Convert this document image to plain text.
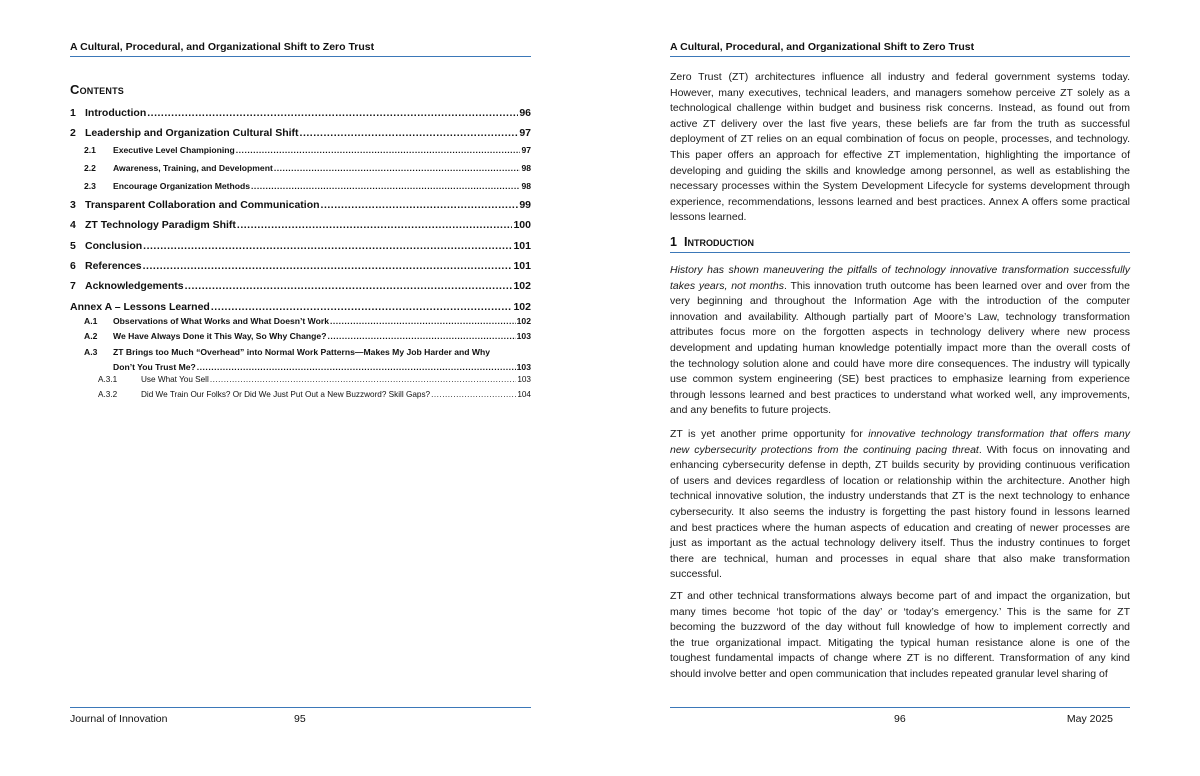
A Cultural, Procedural, and Organizational Shift to Zero Trust
Contents
1 Introduction .....	96
2 Leadership and Organization Cultural Shift .....	97
2.1	Executive Level Championing .....	97
2.2	Awareness, Training, and Development .....	98
2.3	Encourage Organization Methods .....	98
3 Transparent Collaboration and Communication .....	99
4 ZT Technology Paradigm Shift .....	100
5 Conclusion .....	101
6 References .....	101
7 Acknowledgements .....	102
Annex A – Lessons Learned .....	102
A.1	Observations of What Works and What Doesn’t Work .....	102
A.2	We Have Always Done it This Way, So Why Change? .....	103
A.3	ZT Brings too Much “Overhead” into Normal Work Patterns—Makes My Job Harder and Why
Don’t You Trust Me? .....	103
A.3.1	Use What You Sell .....	103
A.3.2	Did We Train Our Folks? Or Did We Just Put Out a New Buzzword? Skill Gaps? .....	104
Journal of Innovation	95
A Cultural, Procedural, and Organizational Shift to Zero Trust
Zero Trust (ZT) architectures influence all industry and federal government systems today.
However, many executives, technical leaders, and managers somehow perceive ZT solely as a
technological challenge within budget and business risk concerns. Instead, as found out from
active ZT delivery over the last five years, these beliefs are far from the truth as successful
deployment of ZT relies on an equal combination of focus on people, processes, and technology.
This paper offers an approach for effective ZT implementation, highlighting the importance of
developing and guiding the skills and knowledge among personnel, as well as establishing the
necessary processes within the System Development Lifecycle for systems development through
experience, recommendations, lessons learned and best practices. Annex A offers some practical
lessons learned.
1 Introduction
History has shown maneuvering the pitfalls of technology innovative transformation successfully
takes years, not months. This innovation truth outcome has been learned over and over from the
very beginning and throughout the Information Age with the introduction of the computer
innovation and availability. Although partially part of Moore’s Law, technology transformation
attributes focus more on the forgotten aspects in technology delivery where new process
development and updating human knowledge potentially impact more than the overall costs of
the technology solution alone and could have more dire consequences. The industry will typically
use common system engineering (SE) best practices to emphasize learning from experience
through lessons learned and best practices to understand what worked well, any improvements,
and any benefits to future projects.
ZT is yet another prime opportunity for innovative technology transformation that offers many
new cybersecurity protections from the continuing pacing threat. With focus on innovating and
enhancing cybersecurity defense in depth, ZT builds security by providing continuous verification
of users and devices regardless of location or relationship within the architecture. Another high
technical innovative solution, the industry understands that ZT is the next technology to enhance
cybersecurity. It also seems the industry is forgetting the past history found in lessons learned
and best practices where the human aspects of education and creating of newer processes are
just as important as the actual technology delivery itself. Thus the industry continues to forget
there are technical, human and processes in equal share that also make transformation
successful.
ZT and other technical transformations always become part of and impact the organization, but
many times become ‘hot topic of the day’ or ‘today’s emergency.’ This is the same for ZT
becoming the buzzword of the day without full knowledge of how to implement correctly and
the true organizational impact. Mitigating the typical human resistance alone is one of the
toughest fundamental impacts of change where ZT is no different. Transformation of any kind
should involve better and open communication that includes repeated granular level sharing of
96	May 2025
